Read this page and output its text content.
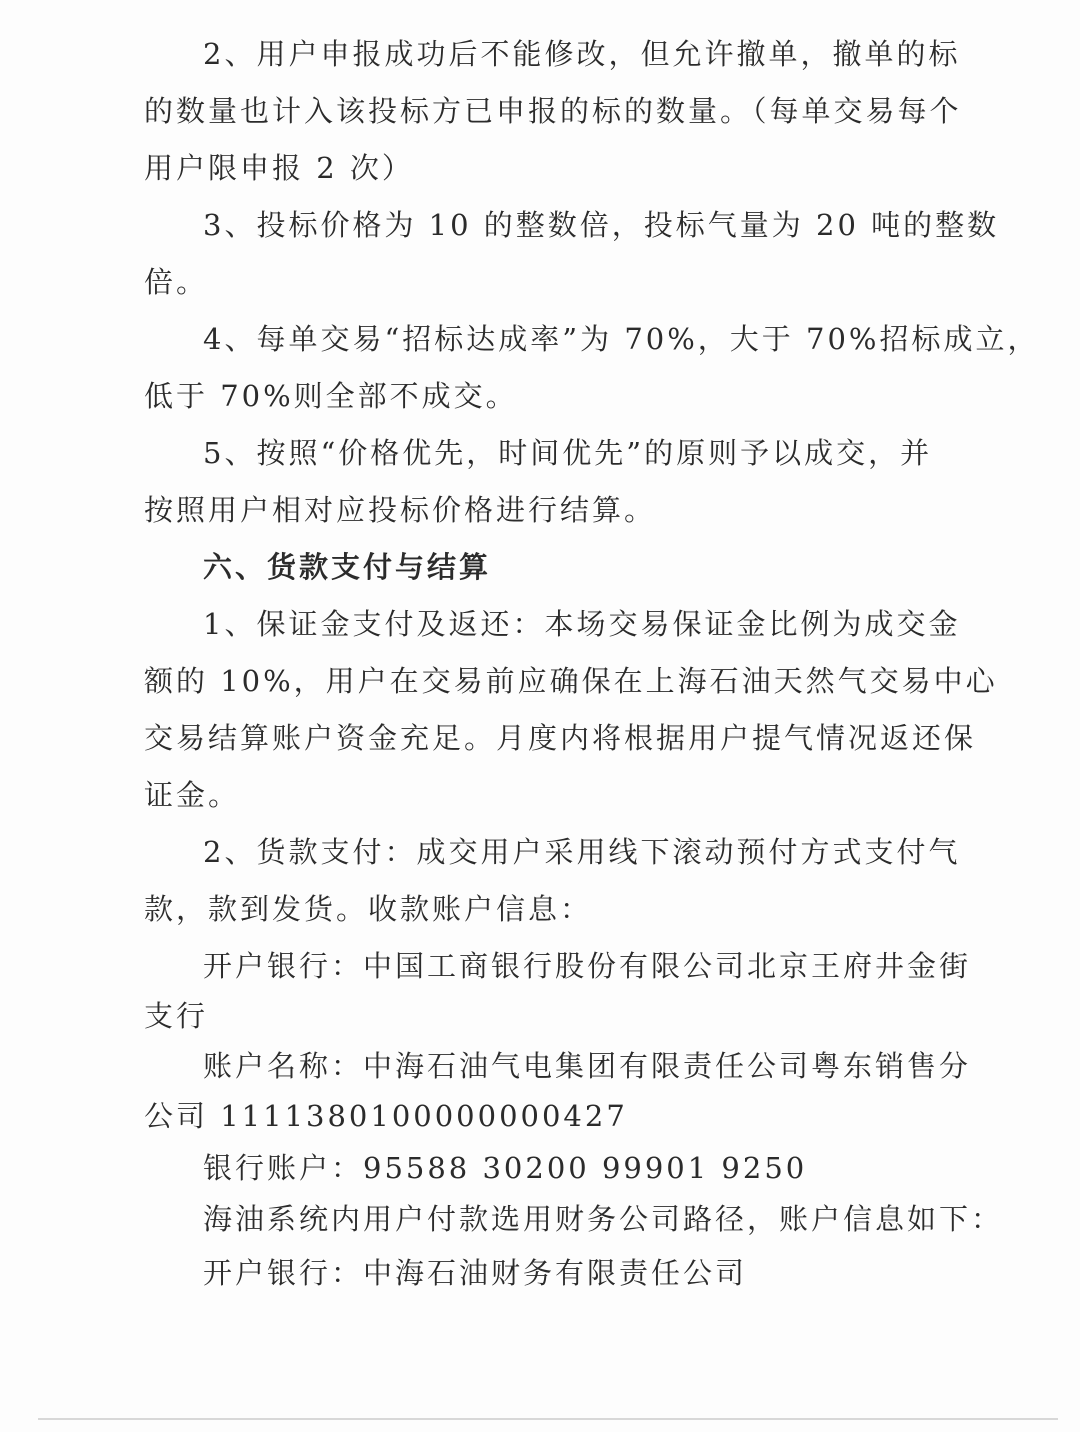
2、用户申报成功后不能修改，但允许撤单，撤单的标
的数量也计入该投标方已申报的标的数量。（每单交易每个
用户限申报 2 次）
3、投标价格为 10 的整数倍，投标气量为 20 吨的整数
倍。
4、每单交易“招标达成率”为 70%，大于 70%招标成立，
低于 70%则全部不成交。
5、按照“价格优先，时间优先”的原则予以成交，并
按照用户相对应投标价格进行结算。
六、货款支付与结算
1、保证金支付及返还：本场交易保证金比例为成交金
额的 10%，用户在交易前应确保在上海石油天然气交易中心
交易结算账户资金充足。月度内将根据用户提气情况返还保
证金。
2、货款支付：成交用户采用线下滚动预付方式支付气
款，款到发货。收款账户信息：
开户银行：中国工商银行股份有限公司北京王府井金街
支行
账户名称：中海石油气电集团有限责任公司粤东销售分
公司 1111380100000000427
银行账户：95588 30200 99901 9250
海油系统内用户付款选用财务公司路径，账户信息如下：
开户银行：中海石油财务有限责任公司
